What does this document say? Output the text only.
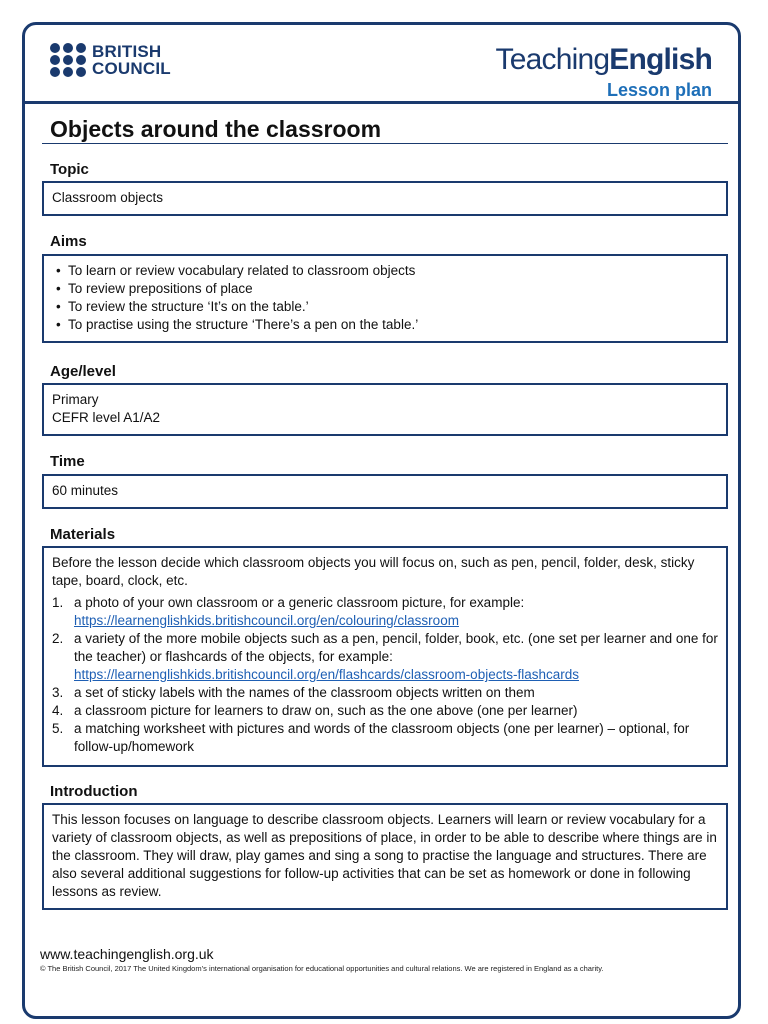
BRITISH
COUNCIL	TeachingEnglish
Lesson plan
Objects around the classroom
Topic

Classroom objects

Aims
• To learn or review vocabulary related to classroom objects
• To review prepositions of place
• To review the structure ‘It’s on the table.’
• To practise using the structure ‘There’s a pen on the table.’
Age/level

Primary

CEFR level A1/A2

Time

60 minutes

Materials

Before the lesson decide which classroom objects you will focus on, such as pen, pencil, folder, desk, sticky tape, board, clock, etc.

1. a photo of your own classroom or a generic classroom picture, for example:
https://learnenglishkids.britishcouncil.org/en/colouring/classroom
2. a variety of the more mobile objects such as a pen, pencil, folder, book, etc. (one set per learner and one for the teacher) or flashcards of the objects, for example:
https://learnenglishkids.britishcouncil.org/en/flashcards/classroom-objects-flashcards
3. a set of sticky labels with the names of the classroom objects written on them
4. a classroom picture for learners to draw on, such as the one above (one per learner)
5. a matching worksheet with pictures and words of the classroom objects (one per learner) – optional, for follow-up/homework
Introduction

This lesson focuses on language to describe classroom objects. Learners will learn or review vocabulary for a variety of classroom objects, as well as prepositions of place, in order to be able to describe where things are in the classroom. They will draw, play games and sing a song to practise the language and structures. There are also several additional suggestions for follow-up activities that can be set as homework or done in following lessons as review.

www.teachingenglish.org.uk
© The British Council, 2017 The United Kingdom’s international organisation for educational opportunities and cultural relations. We are registered in England as a charity.
